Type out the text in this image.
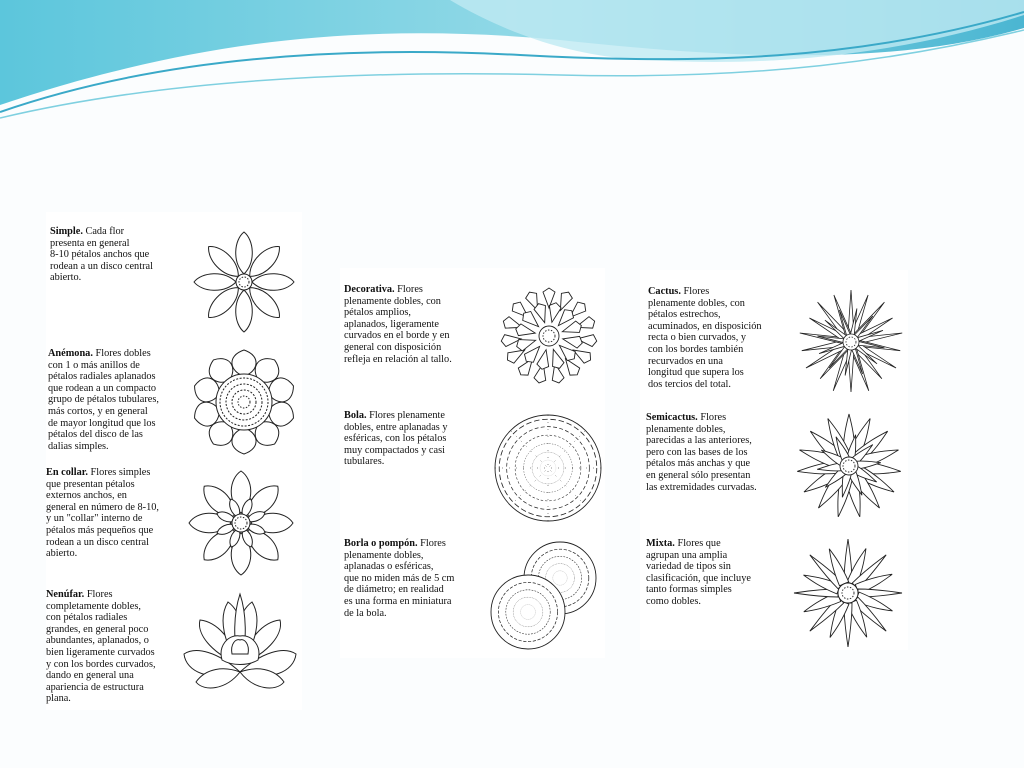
Simple. Cada flor
presenta en general
8-10 pétalos anchos que
rodean a un disco central
abierto.

Anémona. Flores dobles
con 1 o más anillos de
pétalos radiales aplanados
que rodean a un compacto
grupo de pétalos tubulares,
más cortos, y en general
de mayor longitud que los
pétalos del disco de las
dalias simples.

En collar. Flores simples
que presentan pétalos
externos anchos, en
general en número de 8-10,
y un "collar" interno de
pétalos más pequeños que
rodean a un disco central
abierto.

Nenúfar. Flores
completamente dobles,
con pétalos radiales
grandes, en general poco
abundantes, aplanados, o
bien ligeramente curvados
y con los bordes curvados,
dando en general una
apariencia de estructura
plana.

Decorativa. Flores
plenamente dobles, con
pétalos amplios,
aplanados, ligeramente
curvados en el borde y en
general con disposición
refleja en relación al tallo.

Bola. Flores plenamente
dobles, entre aplanadas y
esféricas, con los pétalos
muy compactados y casi
tubulares.

Borla o pompón. Flores
plenamente dobles,
aplanadas o esféricas,
que no miden más de 5 cm
de diámetro; en realidad
es una forma en miniatura
de la bola.

Cactus. Flores
plenamente dobles, con
pétalos estrechos,
acuminados, en disposición
recta o bien curvados, y
con los bordes también
recurvados en una
longitud que supera los
dos tercios del total.

Semicactus. Flores
plenamente dobles,
parecidas a las anteriores,
pero con las bases de los
pétalos más anchas y que
en general sólo presentan
las extremidades curvadas.

Mixta. Flores que
agrupan una amplia
variedad de tipos sin
clasificación, que incluye
tanto formas simples
como dobles.
